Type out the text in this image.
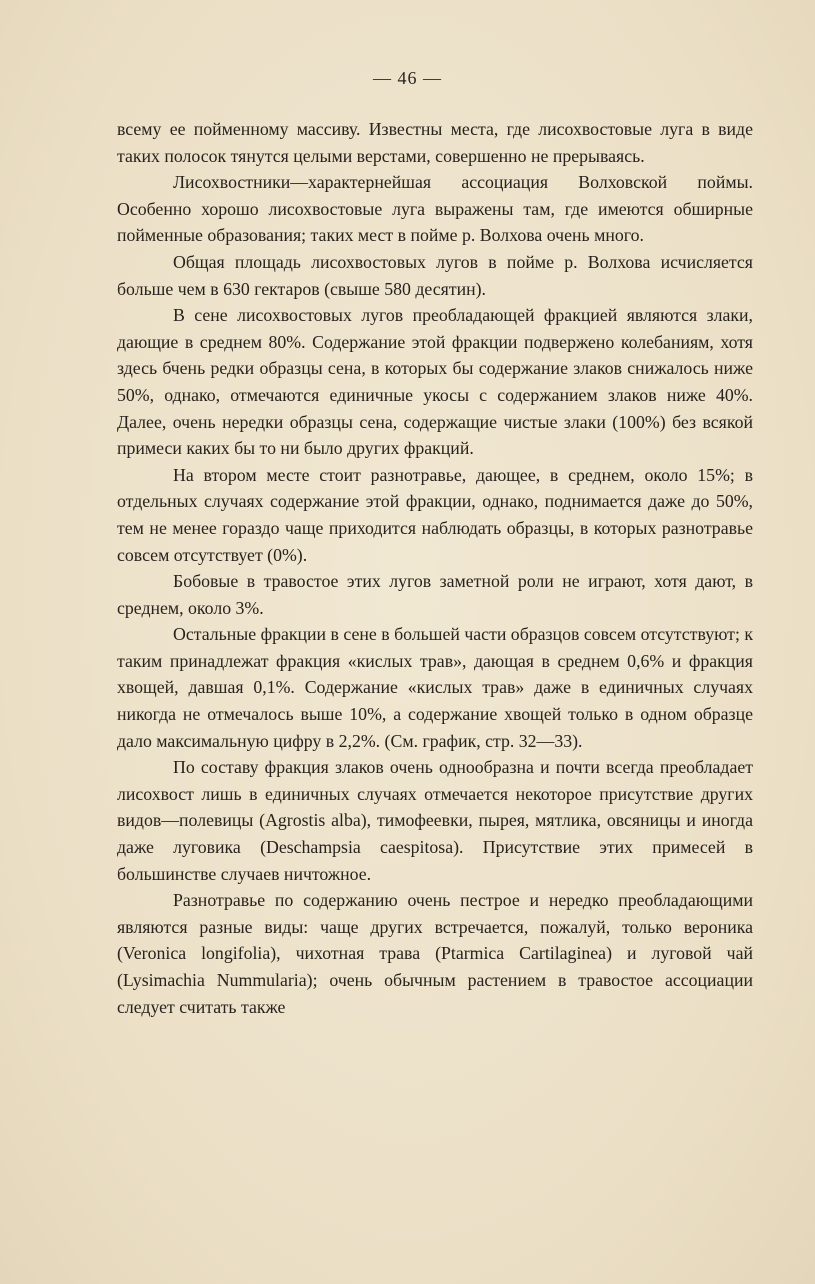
— 46 —

всему ее пойменному массиву. Известны места, где лисохвостовые луга в виде таких полосок тянутся целыми верстами, совершенно не прерываясь.

Лисохвостники—характернейшая ассоциация Волховской поймы. Особенно хорошо лисохвостовые луга выражены там, где имеются обширные пойменные образования; таких мест в пойме р. Волхова очень много.

Общая площадь лисохвостовых лугов в пойме р. Волхова исчисляется больше чем в 630 гектаров (свыше 580 десятин).

В сене лисохвостовых лугов преобладающей фракцией являются злаки, дающие в среднем 80%. Содержание этой фракции подвержено колебаниям, хотя здесь бчень редки образцы сена, в которых бы содержание злаков снижалось ниже 50%, однако, отмечаются единичные укосы с содержанием злаков ниже 40%. Далее, очень нередки образцы сена, содержащие чистые злаки (100%) без всякой примеси каких бы то ни было других фракций.

На втором месте стоит разнотравье, дающее, в среднем, около 15%; в отдельных случаях содержание этой фракции, однако, поднимается даже до 50%, тем не менее гораздо чаще приходится наблюдать образцы, в которых разнотравье совсем отсутствует (0%).

Бобовые в травостое этих лугов заметной роли не играют, хотя дают, в среднем, около 3%.

Остальные фракции в сене в большей части образцов совсем отсутствуют; к таким принадлежат фракция «кислых трав», дающая в среднем 0,6% и фракция хвощей, давшая 0,1%. Содержание «кислых трав» даже в единичных случаях никогда не отмечалось выше 10%, а содержание хвощей только в одном образце дало максимальную цифру в 2,2%. (См. график, стр. 32—33).

По составу фракция злаков очень однообразна и почти всегда преобладает лисохвост лишь в единичных случаях отмечается некоторое присутствие других видов—полевицы (Agrostis alba), тимофеевки, пырея, мятлика, овсяницы и иногда даже луговика (Deschampsia caespitosa). Присутствие этих примесей в большинстве случаев ничтожное.

Разнотравье по содержанию очень пестрое и нередко преобладающими являются разные виды: чаще других встречается, пожалуй, только вероника (Veronica longifolia), чихотная трава (Ptarmica Cartilaginea) и луговой чай (Lysimachia Nummularia); очень обычным растением в травостое ассоциации следует считать также
